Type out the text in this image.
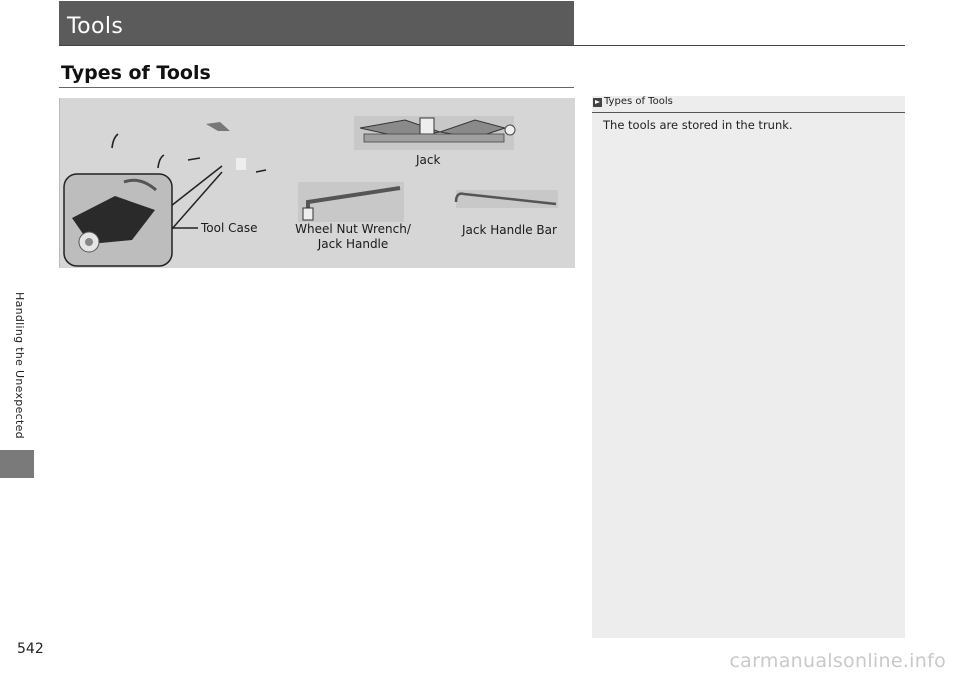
Handling the Unexpected
542
Tools
Types of Tools
Jack
Tool Case	Wheel Nut Wrench/
Jack Handle
Jack Handle Bar
Types of Tools
The tools are stored in the trunk.
carmanualsonline.info
